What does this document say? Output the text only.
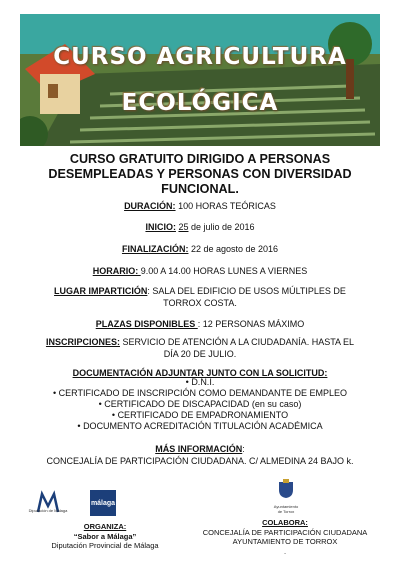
CURSO AGRICULTURA
ECOLÓGICA
CURSO GRATUITO DIRIGIDO A PERSONAS DESEMPLEADAS Y PERSONAS CON DIVERSIDAD FUNCIONAL.
DURACIÓN: 100 HORAS TEÓRICAS
INICIO: 25 de julio de 2016
FINALIZACIÓN: 22 de agosto de 2016
HORARIO: 9.00 A 14.00 HORAS LUNES A VIERNES
LUGAR IMPARTICIÓN: SALA DEL EDIFICIO DE USOS MÚLTIPLES DE TORROX COSTA.
PLAZAS DISPONIBLES : 12 PERSONAS MÁXIMO
INSCRIPCIONES: SERVICIO DE ATENCIÓN A LA CIUDADANÍA. HASTA EL DÍA 20 DE JULIO.
DOCUMENTACIÓN ADJUNTAR JUNTO CON LA SOLICITUD:
• D.N.I.
• CERTIFICADO DE INSCRIPCIÓN COMO DEMANDANTE DE EMPLEO
• CERTIFICADO DE DISCAPACIDAD (en su caso)
• CERTIFICADO DE EMPADRONAMIENTO
• DOCUMENTO ACREDITACIÓN TITULACIÓN ACADÉMICA
MÁS INFORMACIÓN:
CONCEJALÍA DE PARTICIPACIÓN CIUDADANA. C/ ALMEDINA 24 BAJO k.
Diputación de Málaga

málaga	Ayuntamiento
de Torrox
ORGANIZA:
“Sabor a Málaga”
Diputación Provincial de Málaga
COLABORA:
CONCEJALÍA DE PARTICIPACIÓN CIUDADANA
AYUNTAMIENTO DE TORROX
.
